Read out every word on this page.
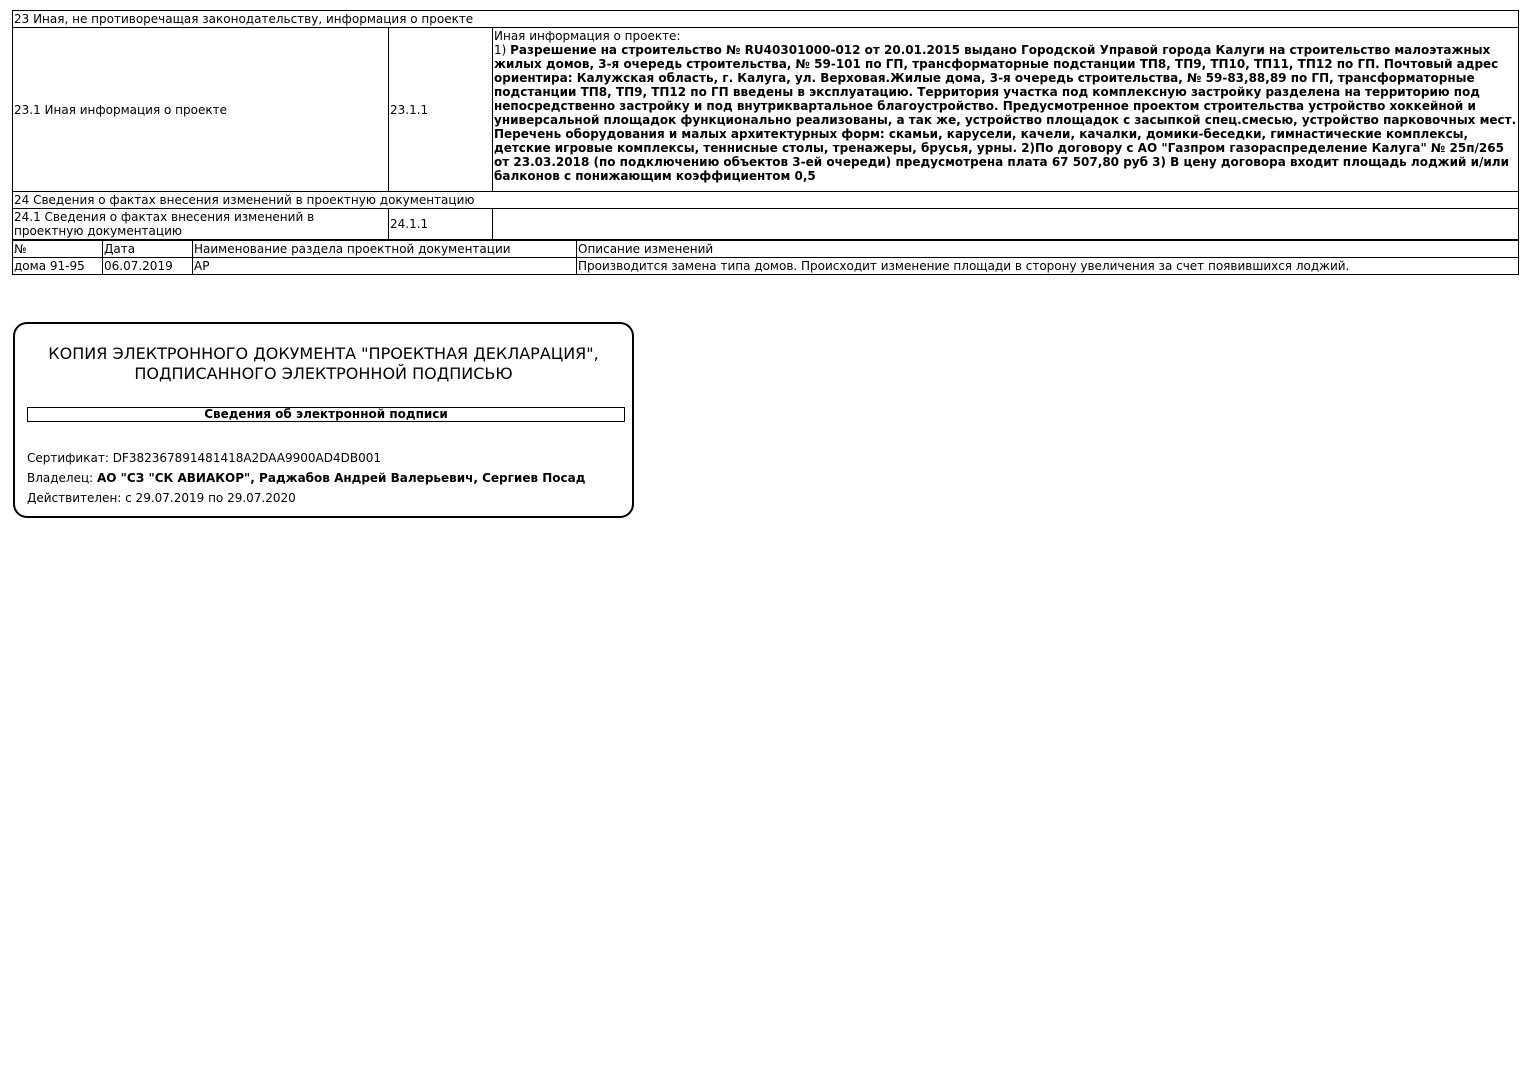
23 Иная, не противоречащая законодательству, информация о проекте		
23.1 Иная информация о проекте	23.1.1	Иная информация о проекте:
1) Разрешение на строительство № RU40301000-012 от 20.01.2015 выдано Городской Управой города Калуги на строительство малоэтажных жилых домов, 3-я очередь строительства, № 59-101 по ГП, трансформаторные подстанции ТП8, ТП9, ТП10, ТП11, ТП12 по ГП. Почтовый адрес ориентира: Калужская область, г. Калуга, ул. Верховая.Жилые дома, 3-я очередь строительства, № 59-83,88,89 по ГП, трансформаторные подстанции ТП8, ТП9, ТП12 по ГП введены в эксплуатацию. Территория участка под комплексную застройку разделена на территорию под непосредственно застройку и под внутриквартальное благоустройство. Предусмотренное проектом строительства устройство хоккейной и универсальной площадок функционально реализованы, а так же, устройство площадок с засыпкой спец.смесью, устройство парковочных мест. Перечень оборудования и малых архитектурных форм: скамьи, карусели, качели, качалки, домики-беседки, гимнастические комплексы, детские игровые комплексы, теннисные столы, тренажеры, брусья, урны. 2)По договору с АО "Газпром газораспределение Калуга" № 25п/265 от 23.03.2018 (по подключению объектов 3-ей очереди) предусмотрена плата 67 507,80 руб 3) В цену договора входит площадь лоджий и/или балконов с понижающим коэффициентом 0,5
24 Сведения о фактах внесения изменений в проектную документацию		
24.1 Сведения о фактах внесения изменений в проектную документацию	24.1.1	
№	Дата	Наименование раздела проектной документации	Описание изменений
дома 91-95	06.07.2019	АР	Производится замена типа домов. Происходит изменение площади в сторону увеличения за счет появившихся лоджий.
КОПИЯ ЭЛЕКТРОННОГО ДОКУМЕНТА "ПРОЕКТНАЯ ДЕКЛАРАЦИЯ",
ПОДПИСАННОГО ЭЛЕКТРОННОЙ ПОДПИСЬЮ
Сведения об электронной подписи
Сертификат: DF382367891481418A2DAA9900AD4DB001
Владелец: АО "СЗ "СК АВИАКОР", Раджабов Андрей Валерьевич, Сергиев Посад
Действителен: с 29.07.2019 по 29.07.2020
